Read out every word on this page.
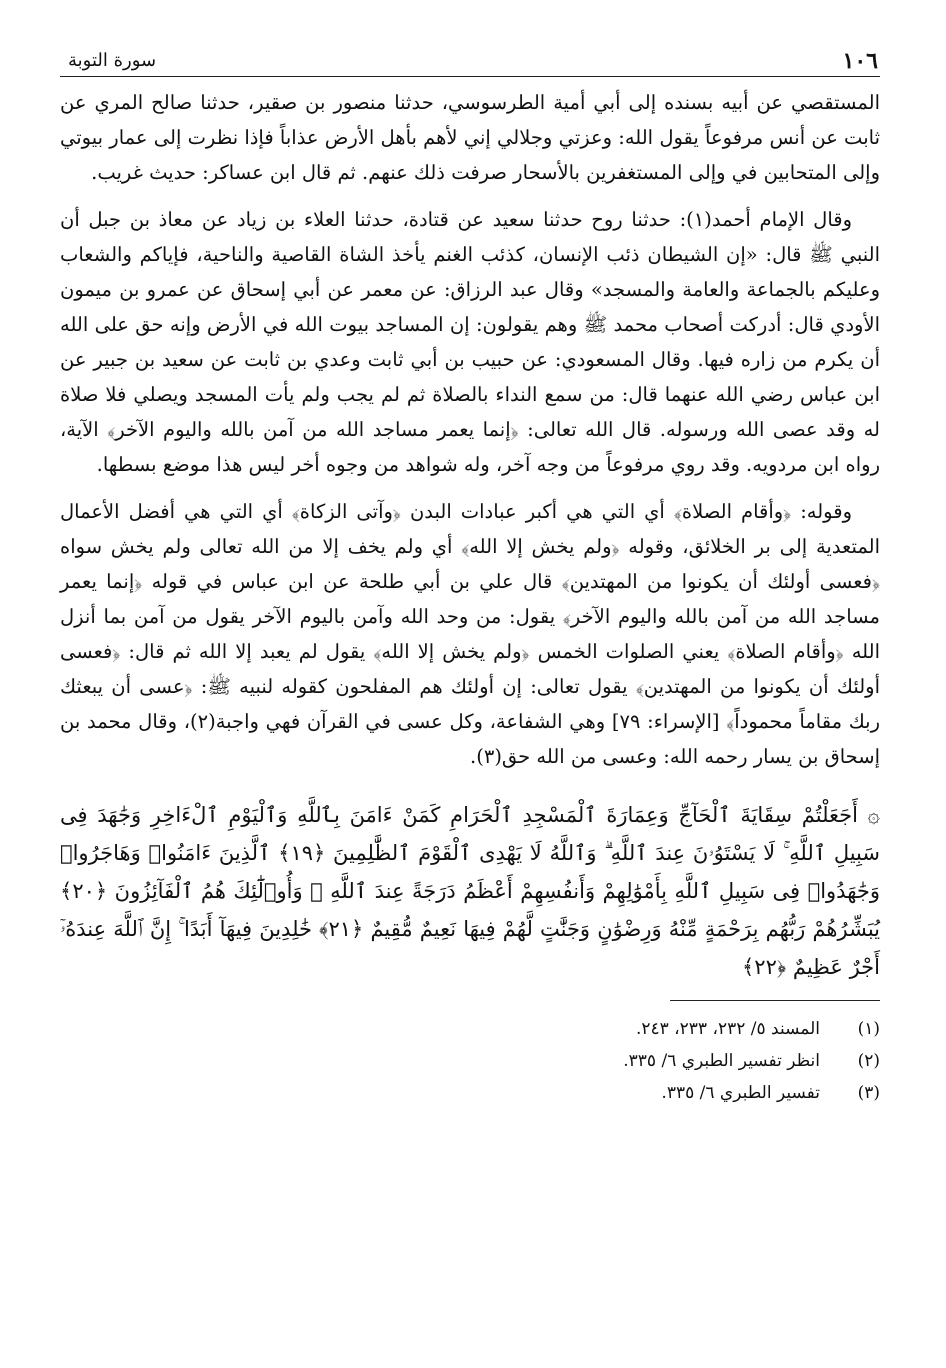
١٠٦
سورة التوبة

المستقصي عن أبيه بسنده إلى أبي أمية الطرسوسي، حدثنا منصور بن صقير، حدثنا صالح المري عن ثابت عن أنس مرفوعاً يقول الله: وعزتي وجلالي إني لأهم بأهل الأرض عذاباً فإذا نظرت إلى عمار بيوتي وإلى المتحابين في وإلى المستغفرين بالأسحار صرفت ذلك عنهم. ثم قال ابن عساكر: حديث غريب.

وقال الإمام أحمد(١): حدثنا روح حدثنا سعيد عن قتادة، حدثنا العلاء بن زياد عن معاذ بن جبل أن النبي ﷺ قال: «إن الشيطان ذئب الإنسان، كذئب الغنم يأخذ الشاة القاصية والناحية، فإياكم والشعاب وعليكم بالجماعة والعامة والمسجد» وقال عبد الرزاق: عن معمر عن أبي إسحاق عن عمرو بن ميمون الأودي قال: أدركت أصحاب محمد ﷺ وهم يقولون: إن المساجد بيوت الله في الأرض وإنه حق على الله أن يكرم من زاره فيها. وقال المسعودي: عن حبيب بن أبي ثابت وعدي بن ثابت عن سعيد بن جبير عن ابن عباس رضي الله عنهما قال: من سمع النداء بالصلاة ثم لم يجب ولم يأت المسجد ويصلي فلا صلاة له وقد عصى الله ورسوله. قال الله تعالى: ﴿إنما يعمر مساجد الله من آمن بالله واليوم الآخر﴾ الآية، رواه ابن مردويه. وقد روي مرفوعاً من وجه آخر، وله شواهد من وجوه أخر ليس هذا موضع بسطها.

وقوله: ﴿وأقام الصلاة﴾ أي التي هي أكبر عبادات البدن ﴿وآتى الزكاة﴾ أي التي هي أفضل الأعمال المتعدية إلى بر الخلائق، وقوله ﴿ولم يخش إلا الله﴾ أي ولم يخف إلا من الله تعالى ولم يخش سواه ﴿فعسى أولئك أن يكونوا من المهتدين﴾ قال علي بن أبي طلحة عن ابن عباس في قوله ﴿إنما يعمر مساجد الله من آمن بالله واليوم الآخر﴾ يقول: من وحد الله وآمن باليوم الآخر يقول من آمن بما أنزل الله ﴿وأقام الصلاة﴾ يعني الصلوات الخمس ﴿ولم يخش إلا الله﴾ يقول لم يعبد إلا الله ثم قال: ﴿فعسى أولئك أن يكونوا من المهتدين﴾ يقول تعالى: إن أولئك هم المفلحون كقوله لنبيه ﷺ: ﴿عسى أن يبعثك ربك مقاماً محموداً﴾ [الإسراء: ٧٩] وهي الشفاعة، وكل عسى في القرآن فهي واجبة(٢)، وقال محمد بن إسحاق بن يسار رحمه الله: وعسى من الله حق(٣).

۞ أَجَعَلْتُمْ سِقَايَةَ ٱلْحَآجِّ وَعِمَارَةَ ٱلْمَسْجِدِ ٱلْحَرَامِ كَمَنْ ءَامَنَ بِٱللَّهِ وَٱلْيَوْمِ ٱلْءَاخِرِ وَجَٰهَدَ فِى سَبِيلِ ٱللَّهِ ۚ لَا يَسْتَوُۥنَ عِندَ ٱللَّهِ ۗ وَٱللَّهُ لَا يَهْدِى ٱلْقَوْمَ ٱلظَّٰلِمِينَ ﴿١٩﴾ ٱلَّذِينَ ءَامَنُوا۟ وَهَاجَرُوا۟ وَجَٰهَدُوا۟ فِى سَبِيلِ ٱللَّهِ بِأَمْوَٰلِهِمْ وَأَنفُسِهِمْ أَعْظَمُ دَرَجَةً عِندَ ٱللَّهِ ۚ وَأُو۟لَٰٓئِكَ هُمُ ٱلْفَآئِزُونَ ﴿٢٠﴾ يُبَشِّرُهُمْ رَبُّهُم بِرَحْمَةٍ مِّنْهُ وَرِضْوَٰنٍ وَجَنَّٰتٍ لَّهُمْ فِيهَا نَعِيمٌ مُّقِيمٌ ﴿٢١﴾ خَٰلِدِينَ فِيهَآ أَبَدًا ۚ إِنَّ ٱللَّهَ عِندَهُۥٓ أَجْرٌ عَظِيمٌ ﴿٢٢﴾
(١)المسند ٥/ ٢٣٢، ٢٣٣، ٢٤٣.
(٢)انظر تفسير الطبري ٦/ ٣٣٥.
(٣)تفسير الطبري ٦/ ٣٣٥.
